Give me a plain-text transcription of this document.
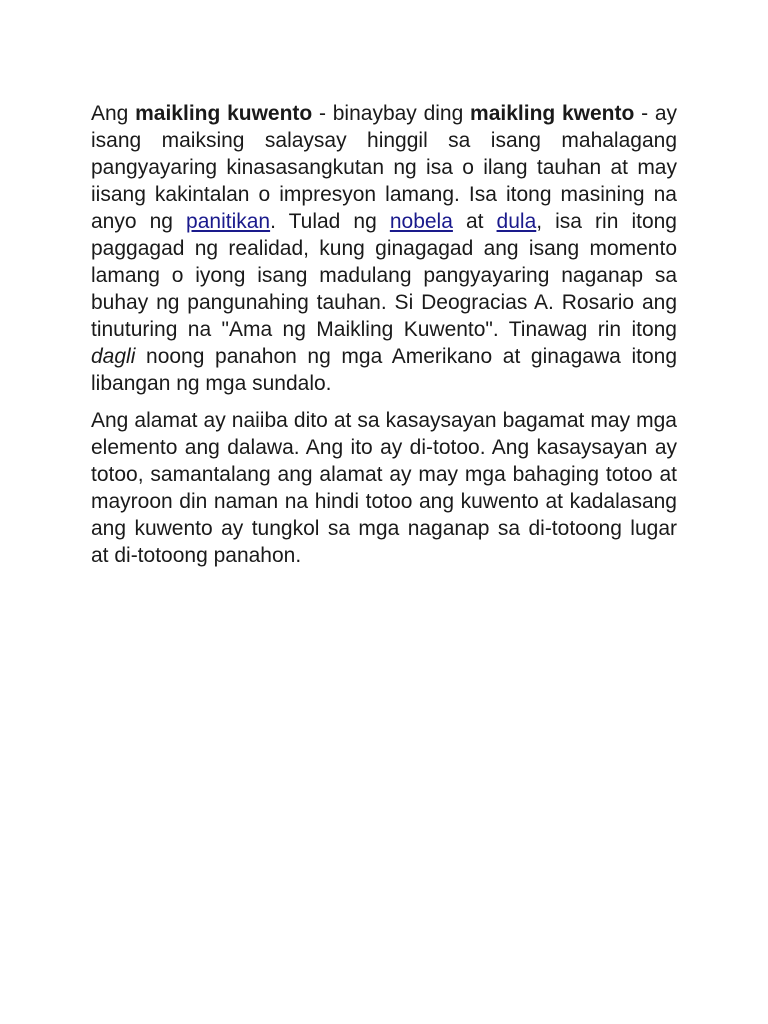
Ang maikling kuwento - binaybay ding maikling kwento - ay isang maiksing salaysay hinggil sa isang mahalagang pangyayaring kinasasangkutan ng isa o ilang tauhan at may iisang kakintalan o impresyon lamang. Isa itong masining na anyo ng panitikan. Tulad ng nobela at dula, isa rin itong paggagad ng realidad, kung ginagagad ang isang momento lamang o iyong isang madulang pangyayaring naganap sa buhay ng pangunahing tauhan. Si Deogracias A. Rosario ang tinuturing na "Ama ng Maikling Kuwento". Tinawag rin itong dagli noong panahon ng mga Amerikano at ginagawa itong libangan ng mga sundalo.

Ang alamat ay naiiba dito at sa kasaysayan bagamat may mga elemento ang dalawa. Ang ito ay di-totoo. Ang kasaysayan ay totoo, samantalang ang alamat ay may mga bahaging totoo at mayroon din naman na hindi totoo ang kuwento at kadalasang ang kuwento ay tungkol sa mga naganap sa di-totoong lugar at di-totoong panahon.
